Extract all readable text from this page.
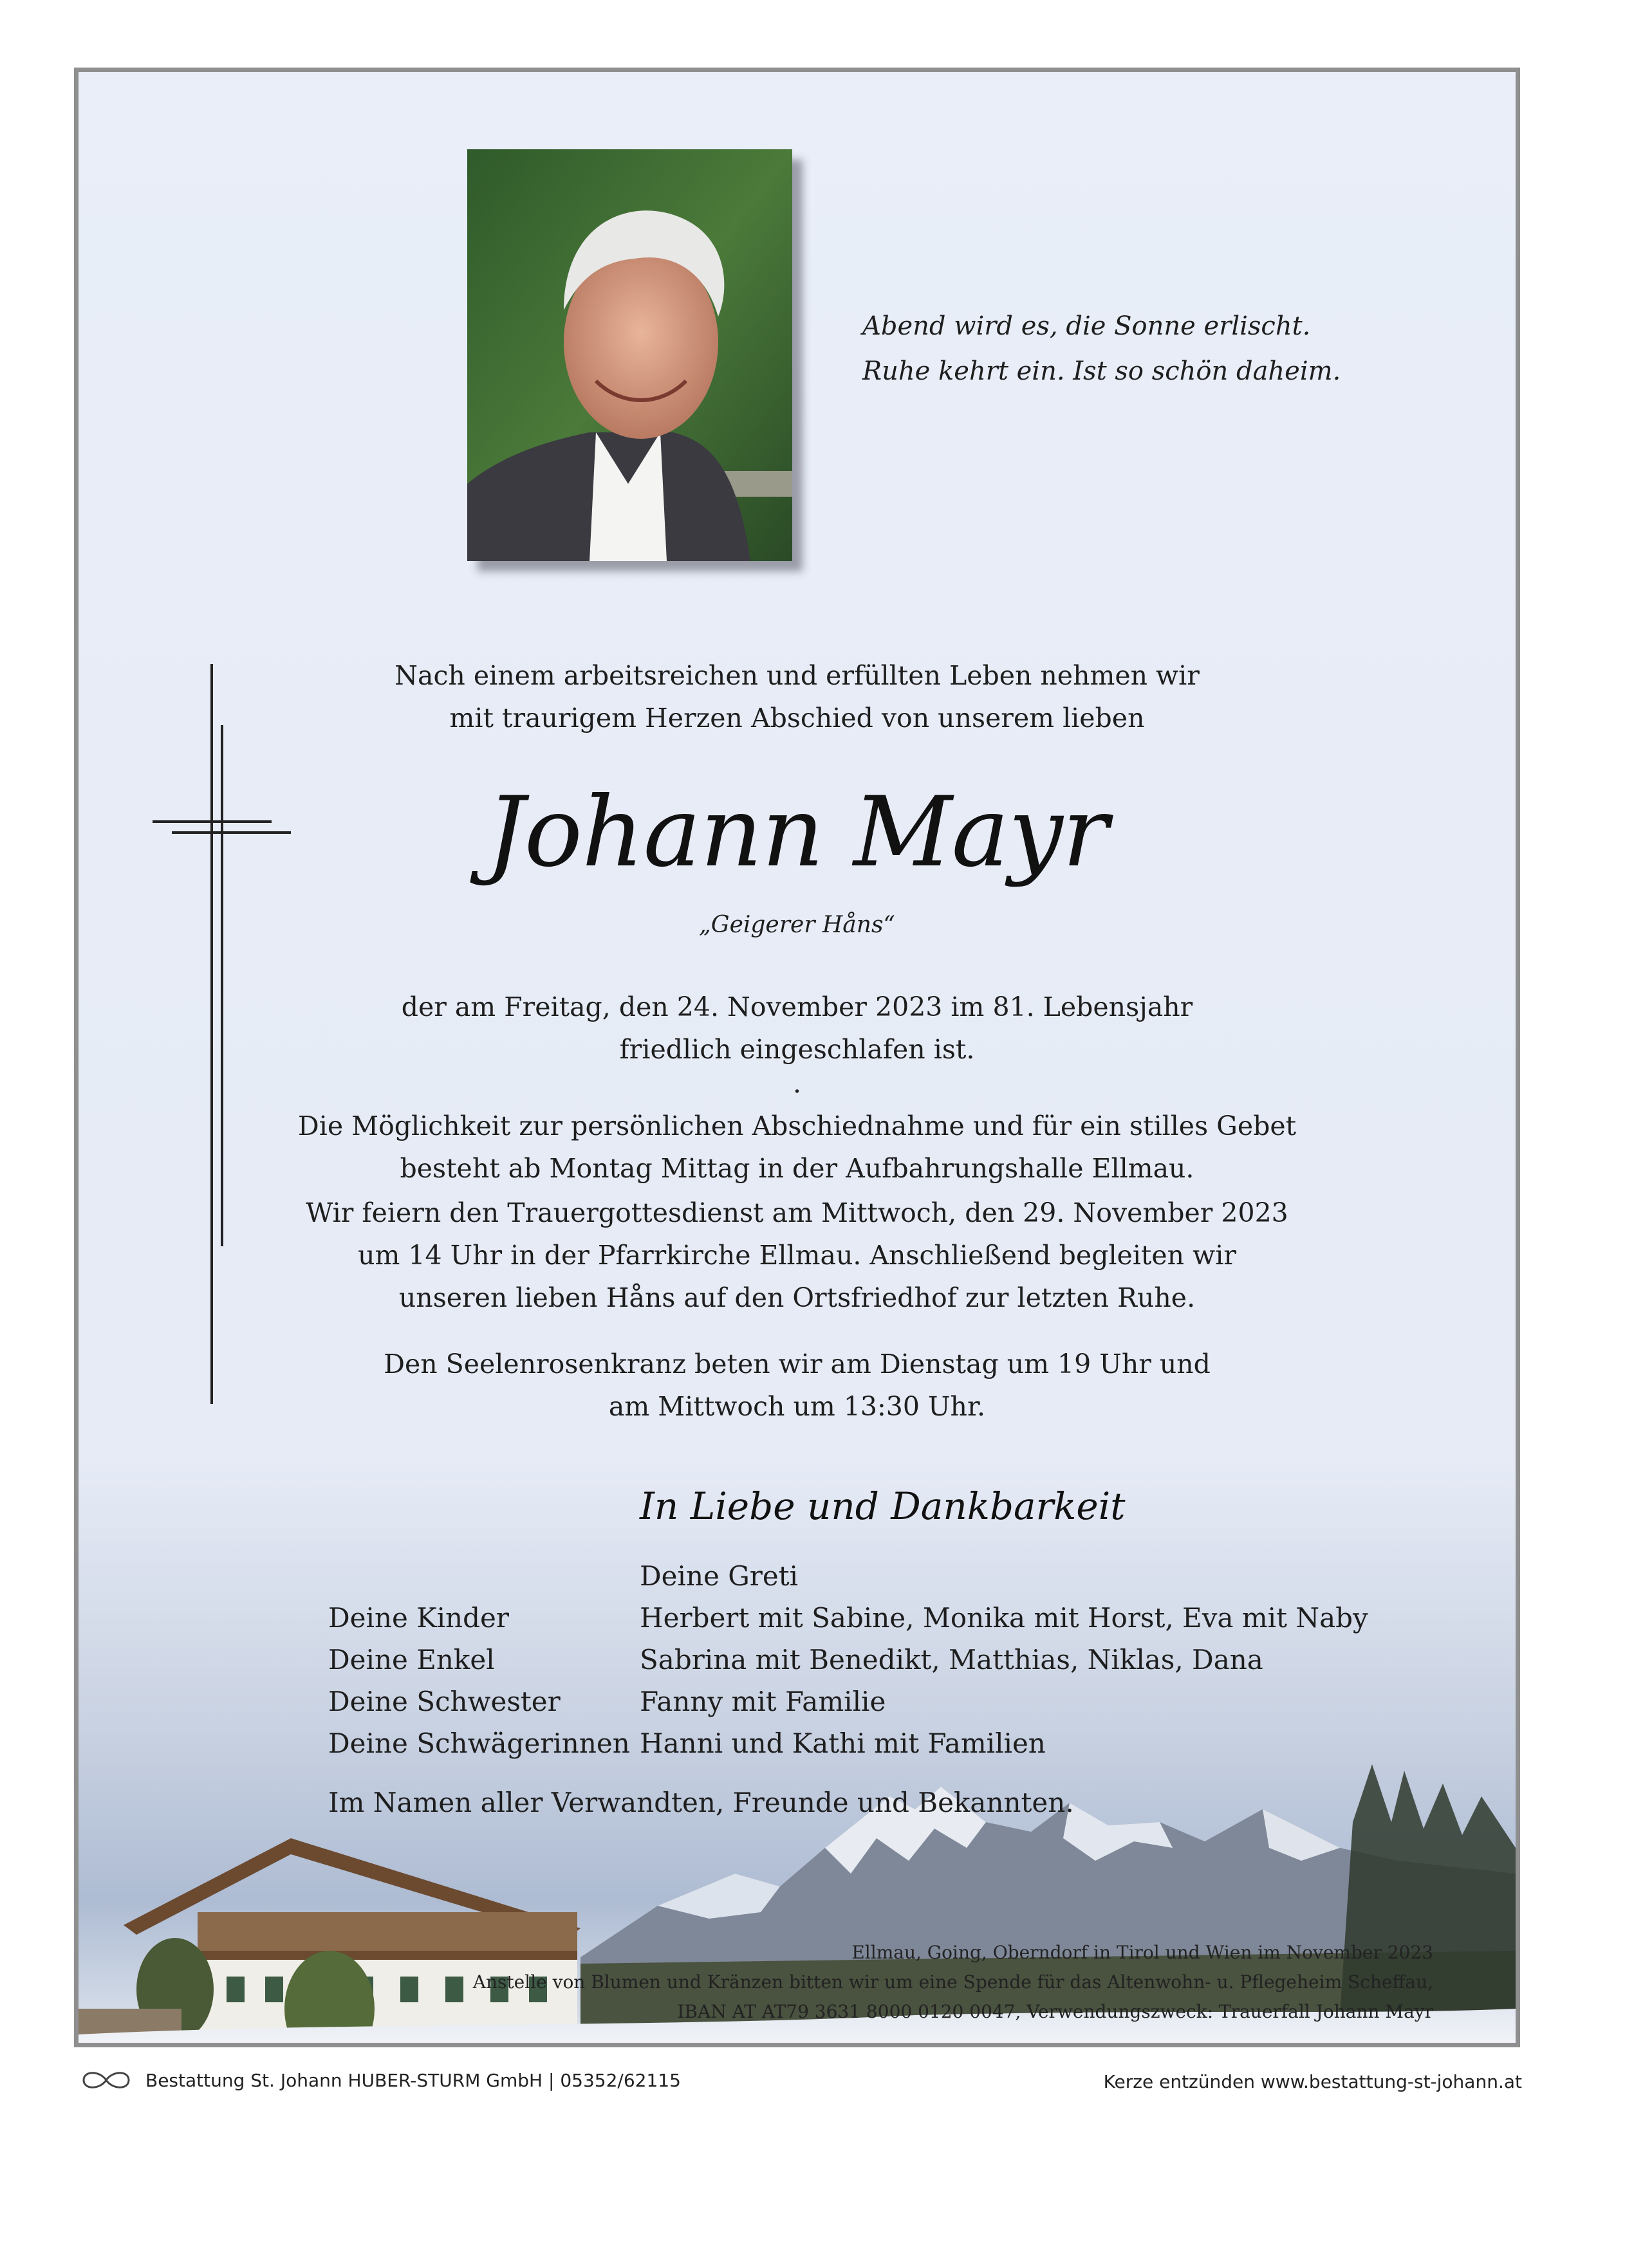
Abend wird es, die Sonne erlischt.
Ruhe kehrt ein. Ist so schön daheim.
Nach einem arbeitsreichen und erfüllten Leben nehmen wir
mit traurigem Herzen Abschied von unserem lieben
Johann Mayr
„Geigerer Håns“
der am Freitag, den 24. November 2023 im 81. Lebensjahr
friedlich eingeschlafen ist.
.
Die Möglichkeit zur persönlichen Abschiednahme und für ein stilles Gebet
besteht ab Montag Mittag in der Aufbahrungshalle Ellmau.
Wir feiern den Trauergottesdienst am Mittwoch, den 29. November 2023
um 14 Uhr in der Pfarrkirche Ellmau. Anschließend begleiten wir
unseren lieben Håns auf den Ortsfriedhof zur letzten Ruhe.
Den Seelenrosenkranz beten wir am Dienstag um 19 Uhr und
am Mittwoch um 13:30 Uhr.
In Liebe und Dankbarkeit
Deine Greti
Deine Kinder	Herbert mit Sabine, Monika mit Horst, Eva mit Naby
Deine Enkel	Sabrina mit Benedikt, Matthias, Niklas, Dana
Deine Schwester	Fanny mit Familie
Deine Schwägerinnen Hanni und Kathi mit Familien
Im Namen aller Verwandten, Freunde und Bekannten.
Ellmau, Going, Oberndorf in Tirol und Wien im November 2023
Anstelle von Blumen und Kränzen bitten wir um eine Spende für das Altenwohn- u. Pflegeheim Scheffau,
IBAN AT AT79 3631 8000 0120 0047, Verwendungszweck: Trauerfall Johann Mayr
Bestattung St. Johann HUBER-STURM GmbH | 05352/62115	Kerze entzünden www.bestattung-st-johann.at
